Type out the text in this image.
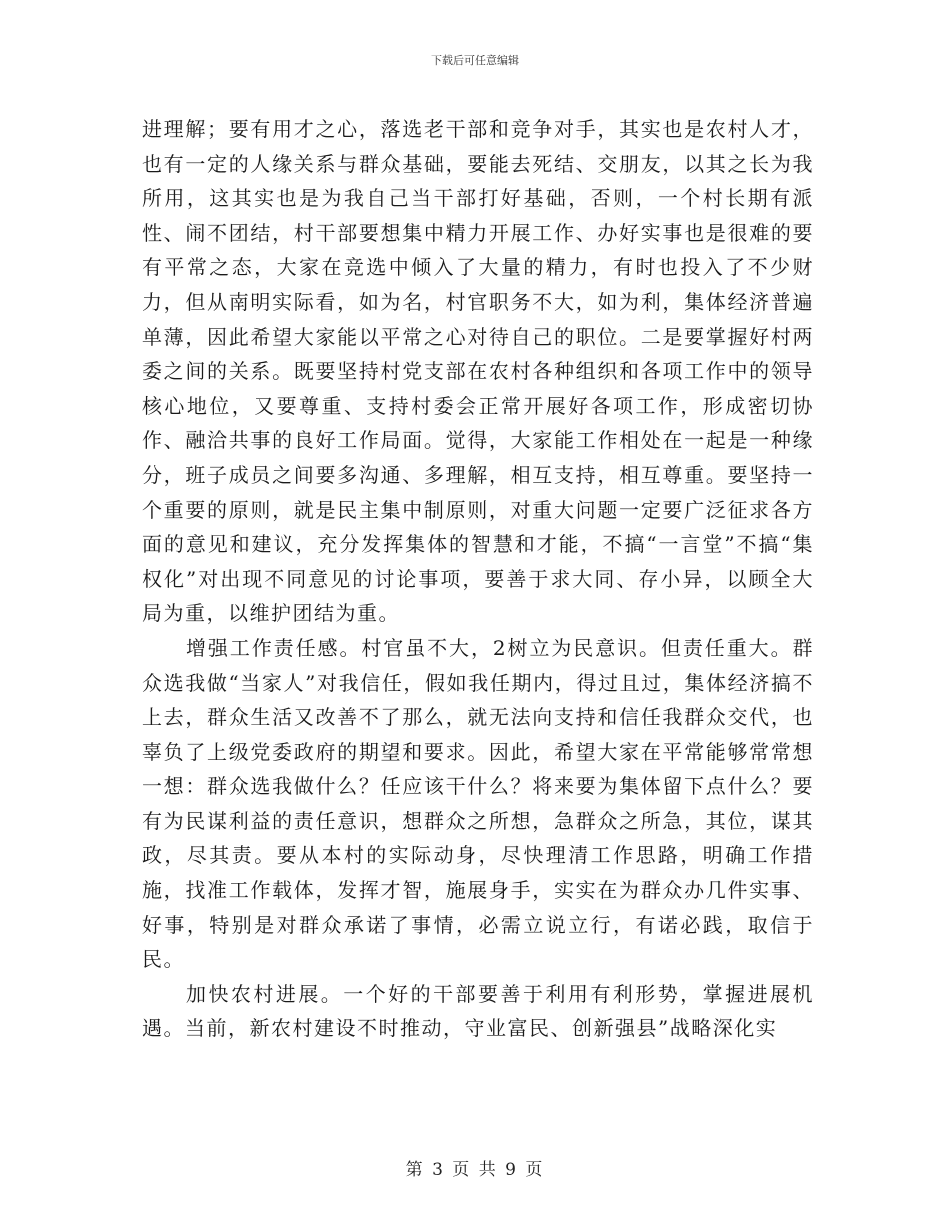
下载后可任意编辑

进理解；要有用才之心，落选老干部和竞争对手，其实也是农村人才，也有一定的人缘关系与群众基础，要能去死结、交朋友，以其之长为我所用，这其实也是为我自己当干部打好基础，否则，一个村长期有派性、闹不团结，村干部要想集中精力开展工作、办好实事也是很难的要有平常之态，大家在竞选中倾入了大量的精力，有时也投入了不少财力，但从南明实际看，如为名，村官职务不大，如为利，集体经济普遍单薄，因此希望大家能以平常之心对待自己的职位。二是要掌握好村两委之间的关系。既要坚持村党支部在农村各种组织和各项工作中的领导核心地位，又要尊重、支持村委会正常开展好各项工作，形成密切协作、融洽共事的良好工作局面。觉得，大家能工作相处在一起是一种缘分，班子成员之间要多沟通、多理解，相互支持，相互尊重。要坚持一个重要的原则，就是民主集中制原则，对重大问题一定要广泛征求各方面的意见和建议，充分发挥集体的智慧和才能，不搞“一言堂”不搞“集权化”对出现不同意见的讨论事项，要善于求大同、存小异，以顾全大局为重，以维护团结为重。

增强工作责任感。村官虽不大，2树立为民意识。但责任重大。群众选我做“当家人”对我信任，假如我任期内，得过且过，集体经济搞不上去，群众生活又改善不了那么，就无法向支持和信任我群众交代，也辜负了上级党委政府的期望和要求。因此，希望大家在平常能够常常想一想：群众选我做什么？任应该干什么？将来要为集体留下点什么？要有为民谋利益的责任意识，想群众之所想，急群众之所急，其位，谋其政，尽其责。要从本村的实际动身，尽快理清工作思路，明确工作措施，找准工作载体，发挥才智，施展身手，实实在为群众办几件实事、好事，特别是对群众承诺了事情，必需立说立行，有诺必践，取信于民。

加快农村进展。一个好的干部要善于利用有利形势，掌握进展机遇。当前，新农村建设不时推动，守业富民、创新强县”战略深化实

第 3 页 共 9 页
